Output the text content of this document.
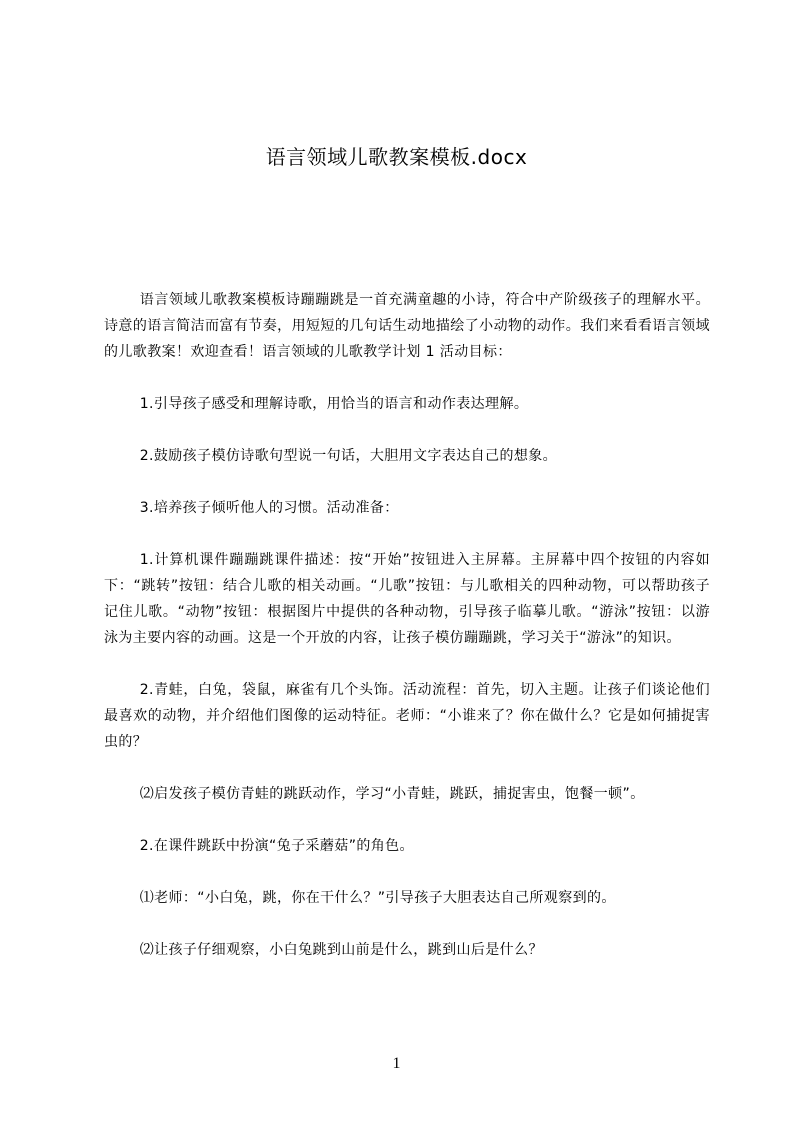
语言领域儿歌教案模板.docx

语言领域儿歌教案模板诗蹦蹦跳是一首充满童趣的小诗，符合中产阶级孩子的理解水平。诗意的语言简洁而富有节奏，用短短的几句话生动地描绘了小动物的动作。我们来看看语言领域的儿歌教案！欢迎查看！语言领域的儿歌教学计划 1 活动目标：

1.引导孩子感受和理解诗歌，用恰当的语言和动作表达理解。

2.鼓励孩子模仿诗歌句型说一句话，大胆用文字表达自己的想象。

3.培养孩子倾听他人的习惯。活动准备：

1.计算机课件蹦蹦跳课件描述：按“开始”按钮进入主屏幕。主屏幕中四个按钮的内容如下：“跳转”按钮：结合儿歌的相关动画。“儿歌”按钮：与儿歌相关的四种动物，可以帮助孩子记住儿歌。“动物”按钮：根据图片中提供的各种动物，引导孩子临摹儿歌。“游泳”按钮：以游泳为主要内容的动画。这是一个开放的内容，让孩子模仿蹦蹦跳，学习关于“游泳”的知识。

2.青蛙，白兔，袋鼠，麻雀有几个头饰。活动流程：首先，切入主题。让孩子们谈论他们最喜欢的动物，并介绍他们图像的运动特征。老师：“小谁来了？你在做什么？它是如何捕捉害虫的？

⑵启发孩子模仿青蛙的跳跃动作，学习“小青蛙，跳跃，捕捉害虫，饱餐一顿”。

2.在课件跳跃中扮演“兔子采蘑菇”的角色。

⑴老师：“小白兔，跳，你在干什么？”引导孩子大胆表达自己所观察到的。

⑵让孩子仔细观察，小白兔跳到山前是什么，跳到山后是什么？

1
